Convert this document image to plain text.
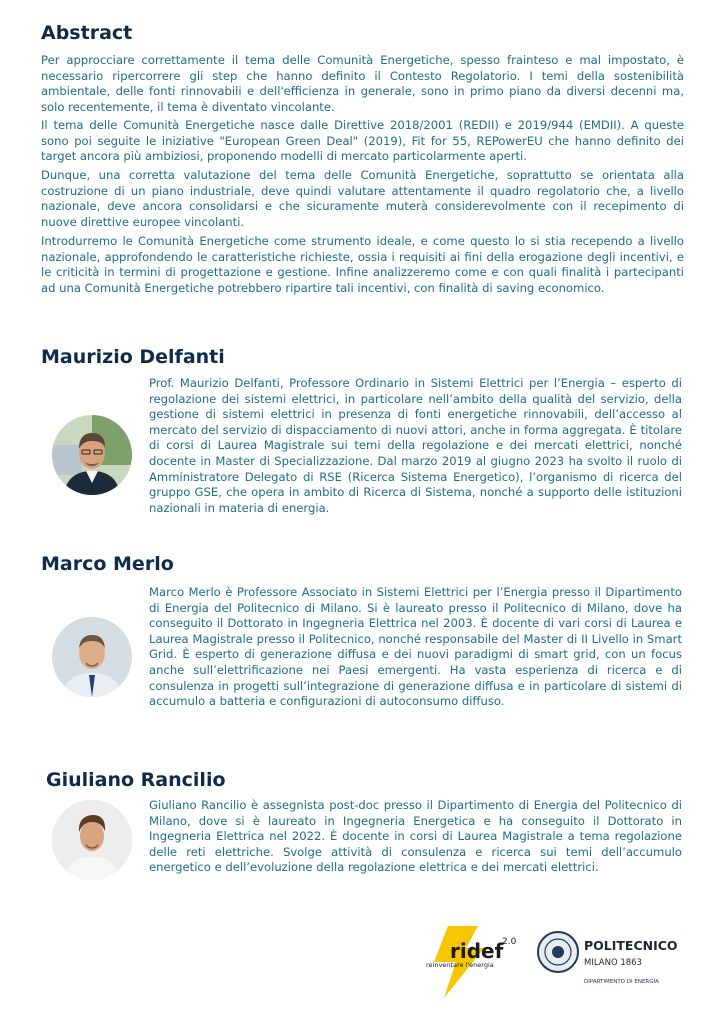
Abstract

Per approcciare correttamente il tema delle Comunità Energetiche, spesso frainteso e mal impostato, è necessario ripercorrere gli step che hanno definito il Contesto Regolatorio. I temi della sostenibilità ambientale, delle fonti rinnovabili e dell'efficienza in generale, sono in primo piano da diversi decenni ma, solo recentemente, il tema è diventato vincolante.

Il tema delle Comunità Energetiche nasce dalle Direttive 2018/2001 (REDII) e 2019/944 (EMDII). A queste sono poi seguite le iniziative "European Green Deal" (2019), Fit for 55, REPowerEU che hanno definito dei target ancora più ambiziosi, proponendo modelli di mercato particolarmente aperti.

Dunque, una corretta valutazione del tema delle Comunità Energetiche, soprattutto se orientata alla costruzione di un piano industriale, deve quindi valutare attentamente il quadro regolatorio che, a livello nazionale, deve ancora consolidarsi e che sicuramente muterà considerevolmente con il recepimento di nuove direttive europee vincolanti.

Introdurremo le Comunità Energetiche come strumento ideale, e come questo lo si stia recependo a livello nazionale, approfondendo le caratteristiche richieste, ossia i requisiti ai fini della erogazione degli incentivi, e le criticità in termini di progettazione e gestione. Infine analizzeremo come e con quali finalità i partecipanti ad una Comunità Energetiche potrebbero ripartire tali incentivi, con finalità di saving economico.

Maurizio Delfanti

Prof. Maurizio Delfanti, Professore Ordinario in Sistemi Elettrici per l’Energia – esperto di regolazione dei sistemi elettrici, in particolare nell’ambito della qualità del servizio, della gestione di sistemi elettrici in presenza di fonti energetiche rinnovabili, dell’accesso al mercato del servizio di dispacciamento di nuovi attori, anche in forma aggregata. È titolare di corsi di Laurea Magistrale sui temi della regolazione e dei mercati elettrici, nonché docente in Master di Specializzazione. Dal marzo 2019 al giugno 2023 ha svolto il ruolo di Amministratore Delegato di RSE (Ricerca Sistema Energetico), l’organismo di ricerca del gruppo GSE, che opera in ambito di Ricerca di Sistema, nonché a supporto delle istituzioni nazionali in materia di energia.

Marco Merlo

Marco Merlo è Professore Associato in Sistemi Elettrici per l’Energia presso il Dipartimento di Energia del Politecnico di Milano. Si è laureato presso il Politecnico di Milano, dove ha conseguito il Dottorato in Ingegneria Elettrica nel 2003. È docente di vari corsi di Laurea e Laurea Magistrale presso il Politecnico, nonché responsabile del Master di II Livello in Smart Grid. È esperto di generazione diffusa e dei nuovi paradigmi di smart grid, con un focus anche sull’elettrificazione nei Paesi emergenti. Ha vasta esperienza di ricerca e di consulenza in progetti sull’integrazione di generazione diffusa e in particolare di sistemi di accumulo a batteria e configurazioni di autoconsumo diffuso.

Giuliano Rancilio

Giuliano Rancilio è assegnista post-doc presso il Dipartimento di Energia del Politecnico di Milano, dove si è laureato in Ingegneria Energetica e ha conseguito il Dottorato in Ingegneria Elettrica nel 2022. È docente in corsi di Laurea Magistrale a tema regolazione delle reti elettriche. Svolge attività di consulenza e ricerca sui temi dell’accumulo energetico e dell’evoluzione della regolazione elettrica e dei mercati elettrici.

ridef
2.0
reinventare l'energia
POLITECNICO
MILANO 1863
DIPARTIMENTO DI ENERGIA
